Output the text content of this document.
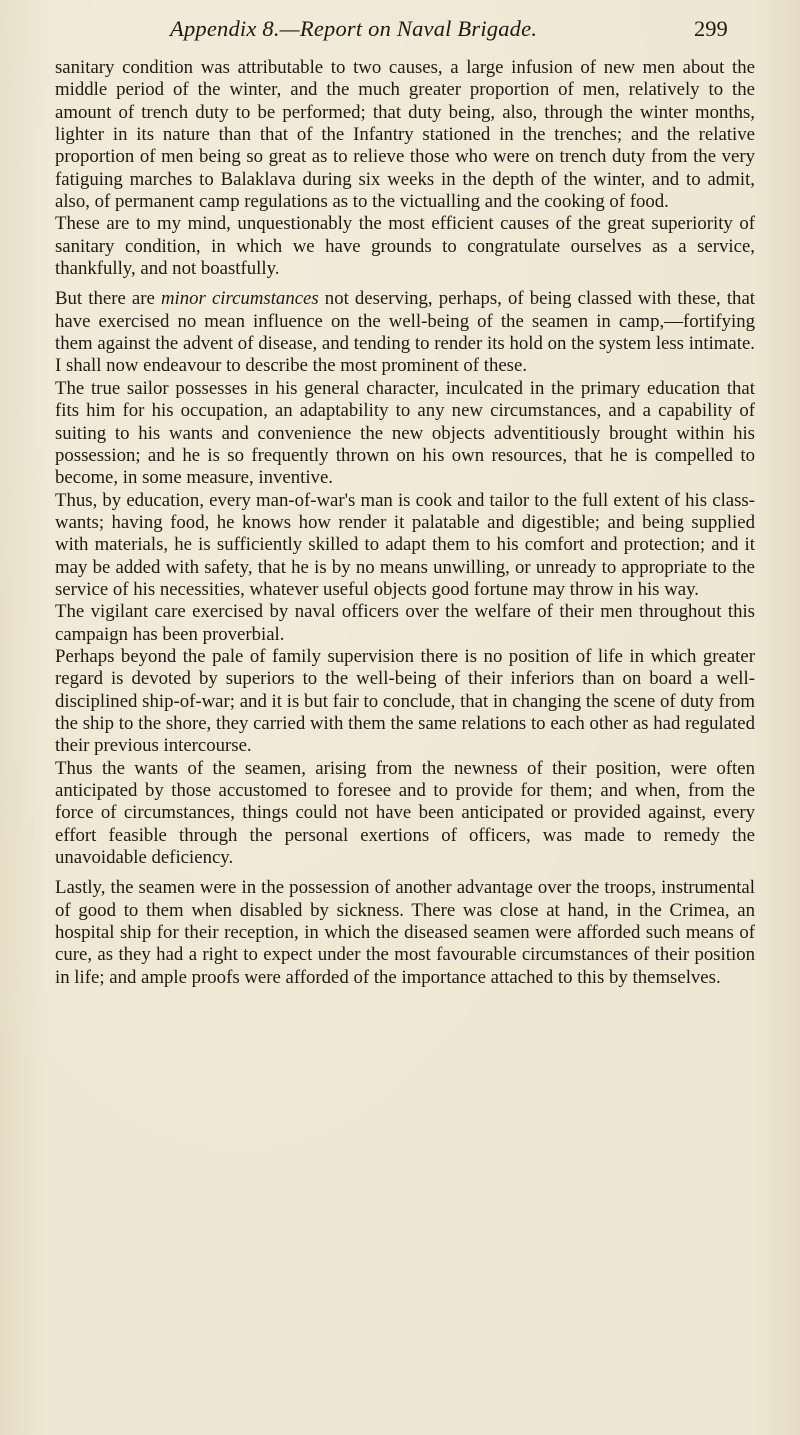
Appendix 8.—Report on Naval Brigade.	299

sanitary condition was attributable to two causes, a large infusion of new men about the middle period of the winter, and the much greater proportion of men, relatively to the amount of trench duty to be performed; that duty being, also, through the winter months, lighter in its nature than that of the Infantry stationed in the trenches; and the relative proportion of men being so great as to relieve those who were on trench duty from the very fatiguing marches to Balaklava during six weeks in the depth of the winter, and to admit, also, of permanent camp regulations as to the victualling and the cooking of food.

These are to my mind, unquestionably the most efficient causes of the great superiority of sanitary condition, in which we have grounds to congratulate ourselves as a service, thankfully, and not boastfully.

But there are minor circumstances not deserving, perhaps, of being classed with these, that have exercised no mean influence on the well-being of the seamen in camp,—fortifying them against the advent of disease, and tending to render its hold on the system less intimate. I shall now endeavour to describe the most prominent of these.

The true sailor possesses in his general character, inculcated in the primary education that fits him for his occupation, an adaptability to any new circumstances, and a capability of suiting to his wants and convenience the new objects adventitiously brought within his possession; and he is so frequently thrown on his own resources, that he is compelled to become, in some measure, inventive.

Thus, by education, every man-of-war's man is cook and tailor to the full extent of his class-wants; having food, he knows how render it palatable and digestible; and being supplied with materials, he is sufficiently skilled to adapt them to his comfort and protection; and it may be added with safety, that he is by no means unwilling, or unready to appropriate to the service of his necessities, whatever useful objects good fortune may throw in his way.

The vigilant care exercised by naval officers over the welfare of their men throughout this campaign has been proverbial.

Perhaps beyond the pale of family supervision there is no position of life in which greater regard is devoted by superiors to the well-being of their inferiors than on board a well-disciplined ship-of-war; and it is but fair to conclude, that in changing the scene of duty from the ship to the shore, they carried with them the same relations to each other as had regulated their previous intercourse.

Thus the wants of the seamen, arising from the newness of their position, were often anticipated by those accustomed to foresee and to provide for them; and when, from the force of circumstances, things could not have been anticipated or provided against, every effort feasible through the personal exertions of officers, was made to remedy the unavoidable deficiency.

Lastly, the seamen were in the possession of another advantage over the troops, instrumental of good to them when disabled by sickness. There was close at hand, in the Crimea, an hospital ship for their reception, in which the diseased seamen were afforded such means of cure, as they had a right to expect under the most favourable circumstances of their position in life; and ample proofs were afforded of the importance attached to this by themselves.
